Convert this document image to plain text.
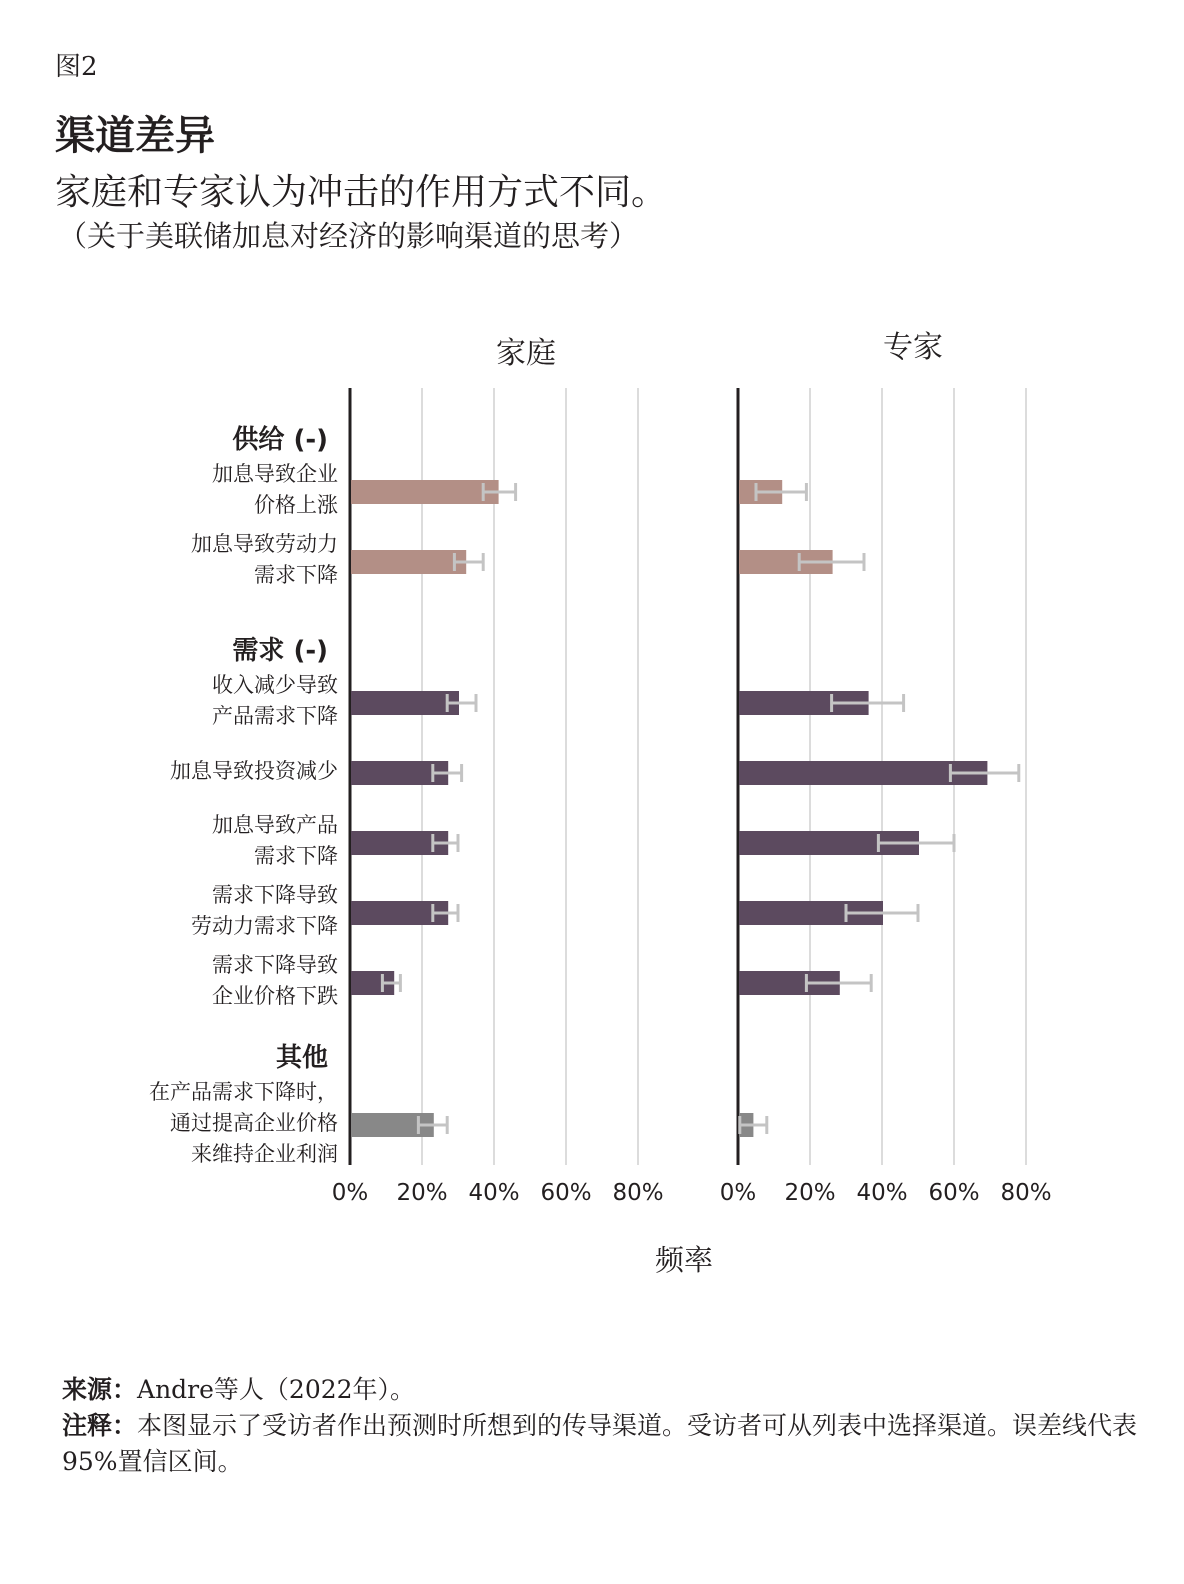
图2
渠道差异
家庭和专家认为冲击的作用方式不同。
（关于美联储加息对经济的影响渠道的思考）
家庭	专家
供给 (-)
需求 (-)
其他
加息导致企业
价格上涨
加息导致劳动力
需求下降
收入减少导致
产品需求下降
加息导致投资减少
加息导致产品
需求下降
需求下降导致
劳动力需求下降
需求下降导致
企业价格下跌
在产品需求下降时，
通过提高企业价格
来维持企业利润
0% 20% 40% 60% 80% 0% 20% 40% 60% 80%
频率
来源：Andre等人（2022年）。
注释：本图显示了受访者作出预测时所想到的传导渠道。受访者可从列表中选择渠道。误差线代表95%置信区间。
